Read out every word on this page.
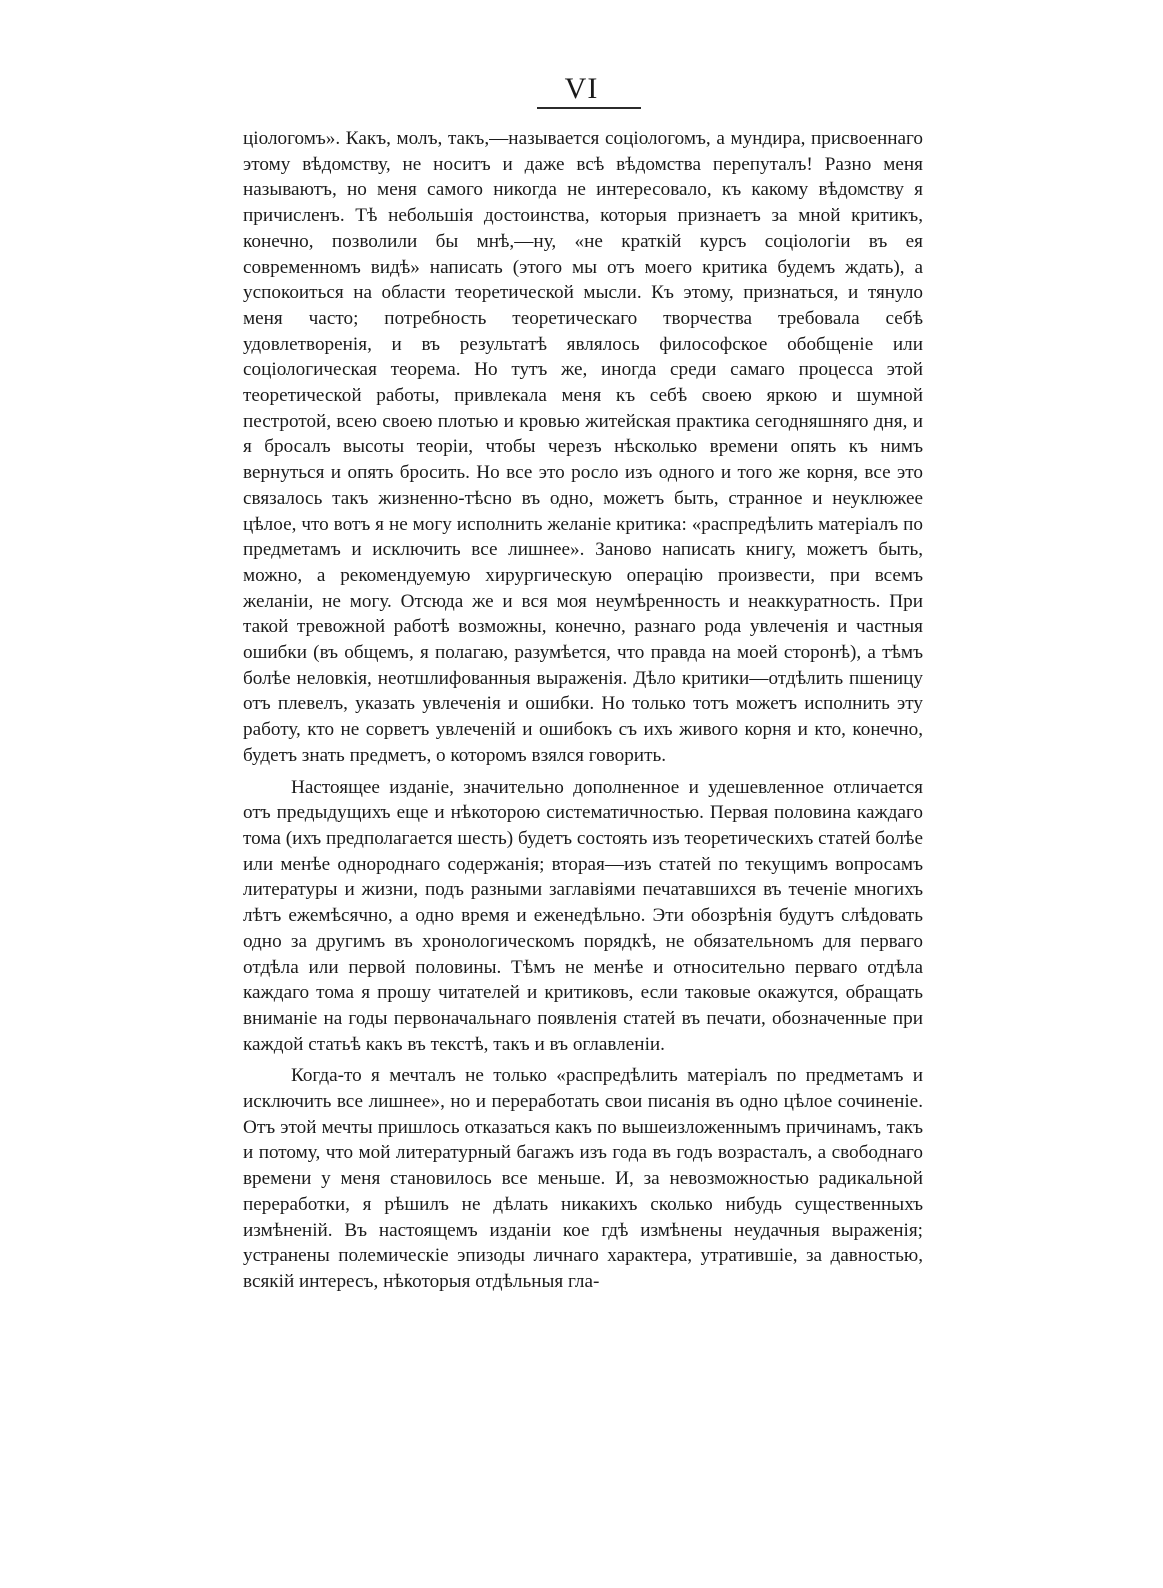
VI

ціологомъ». Какъ, молъ, такъ,—называется соціологомъ, а мундира, присвоеннаго этому вѣдомству, не носитъ и даже всѣ вѣдомства перепуталъ! Разно меня называютъ, но меня самого никогда не интересовало, къ какому вѣдомству я причисленъ. Тѣ небольшія достоинства, которыя признаетъ за мной критикъ, конечно, позволили бы мнѣ,—ну, «не краткій курсъ соціологіи въ ея современномъ видѣ» написать (этого мы отъ моего критика будемъ ждать), а успокоиться на области теоретической мысли. Къ этому, признаться, и тянуло меня часто; потребность теоретическаго творчества требовала себѣ удовлетворенія, и въ результатѣ являлось философское обобщеніе или соціологическая теорема. Но тутъ же, иногда среди самаго процесса этой теоретической работы, привлекала меня къ себѣ своею яркою и шумной пестротой, всею своею плотью и кровью житейская практика сегодняшняго дня, и я бросалъ высоты теоріи, чтобы черезъ нѣсколько времени опять къ нимъ вернуться и опять бросить. Но все это росло изъ одного и того же корня, все это связалось такъ жизненно-тѣсно въ одно, можетъ быть, странное и неуклюжее цѣлое, что вотъ я не могу исполнить желаніе критика: «распредѣлить матеріалъ по предметамъ и исключить все лишнее». Заново написать книгу, можетъ быть, можно, а рекомендуемую хирургическую операцію произвести, при всемъ желаніи, не могу. Отсюда же и вся моя неумѣренность и неаккуратность. При такой тревожной работѣ возможны, конечно, разнаго рода увлеченія и частныя ошибки (въ общемъ, я полагаю, разумѣется, что правда на моей сторонѣ), а тѣмъ болѣе неловкія, неотшлифованныя выраженія. Дѣло критики—отдѣлить пшеницу отъ плевелъ, указать увлеченія и ошибки. Но только тотъ можетъ исполнить эту работу, кто не сорветъ увлеченій и ошибокъ съ ихъ живого корня и кто, конечно, будетъ знать предметъ, о которомъ взялся говорить.

Настоящее изданіе, значительно дополненное и удешевленное отличается отъ предыдущихъ еще и нѣкоторою систематичностью. Первая половина каждаго тома (ихъ предполагается шесть) будетъ состоять изъ теоретическихъ статей болѣе или менѣе однороднаго содержанія; вторая—изъ статей по текущимъ вопросамъ литературы и жизни, подъ разными заглавіями печатавшихся въ теченіе многихъ лѣтъ ежемѣсячно, а одно время и еженедѣльно. Эти обозрѣнія будутъ слѣдовать одно за другимъ въ хронологическомъ порядкѣ, не обязательномъ для перваго отдѣла или первой половины. Тѣмъ не менѣе и относительно перваго отдѣла каждаго тома я прошу читателей и критиковъ, если таковые окажутся, обращать вниманіе на годы первоначальнаго появленія статей въ печати, обозначенные при каждой статьѣ какъ въ текстѣ, такъ и въ оглавленіи.

Когда-то я мечталъ не только «распредѣлить матеріалъ по предметамъ и исключить все лишнее», но и переработать свои писанія въ одно цѣлое сочиненіе. Отъ этой мечты пришлось отказаться какъ по вышеизложеннымъ причинамъ, такъ и потому, что мой литературный багажъ изъ года въ годъ возрасталъ, а свободнаго времени у меня становилось все меньше. И, за невозможностью радикальной переработки, я рѣшилъ не дѣлать никакихъ сколько нибудь существенныхъ измѣненій. Въ настоящемъ изданіи кое гдѣ измѣнены неудачныя выраженія; устранены полемическіе эпизоды личнаго характера, утратившіе, за давностью, всякій интересъ, нѣкоторыя отдѣльныя гла-
